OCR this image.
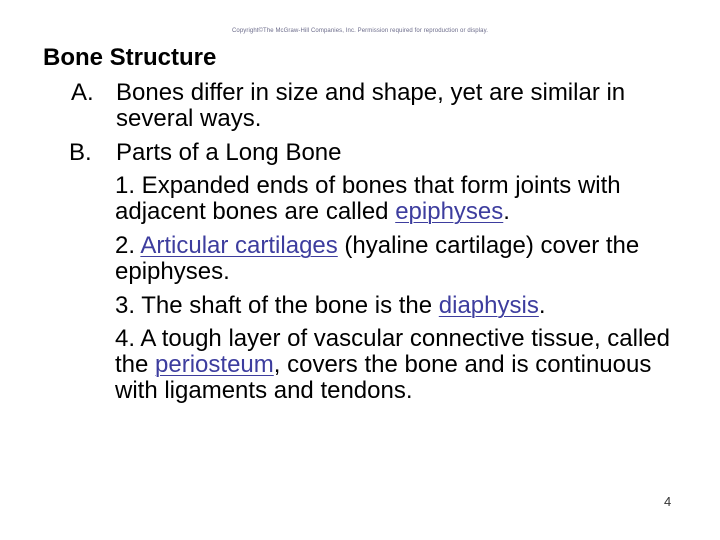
Copyright©The McGraw-Hill Companies, Inc. Permission required for reproduction or display.
Bone Structure
A. Bones differ in size and shape, yet are similar in several ways.
B.	Parts of a Long Bone

1. Expanded ends of bones that form joints with adjacent bones are called epiphyses.

2. Articular cartilages (hyaline cartilage) cover the epiphyses.

3. The shaft of the bone is the diaphysis.

4. A tough layer of vascular connective tissue, called the periosteum, covers the bone and is continuous with ligaments and tendons.

4
